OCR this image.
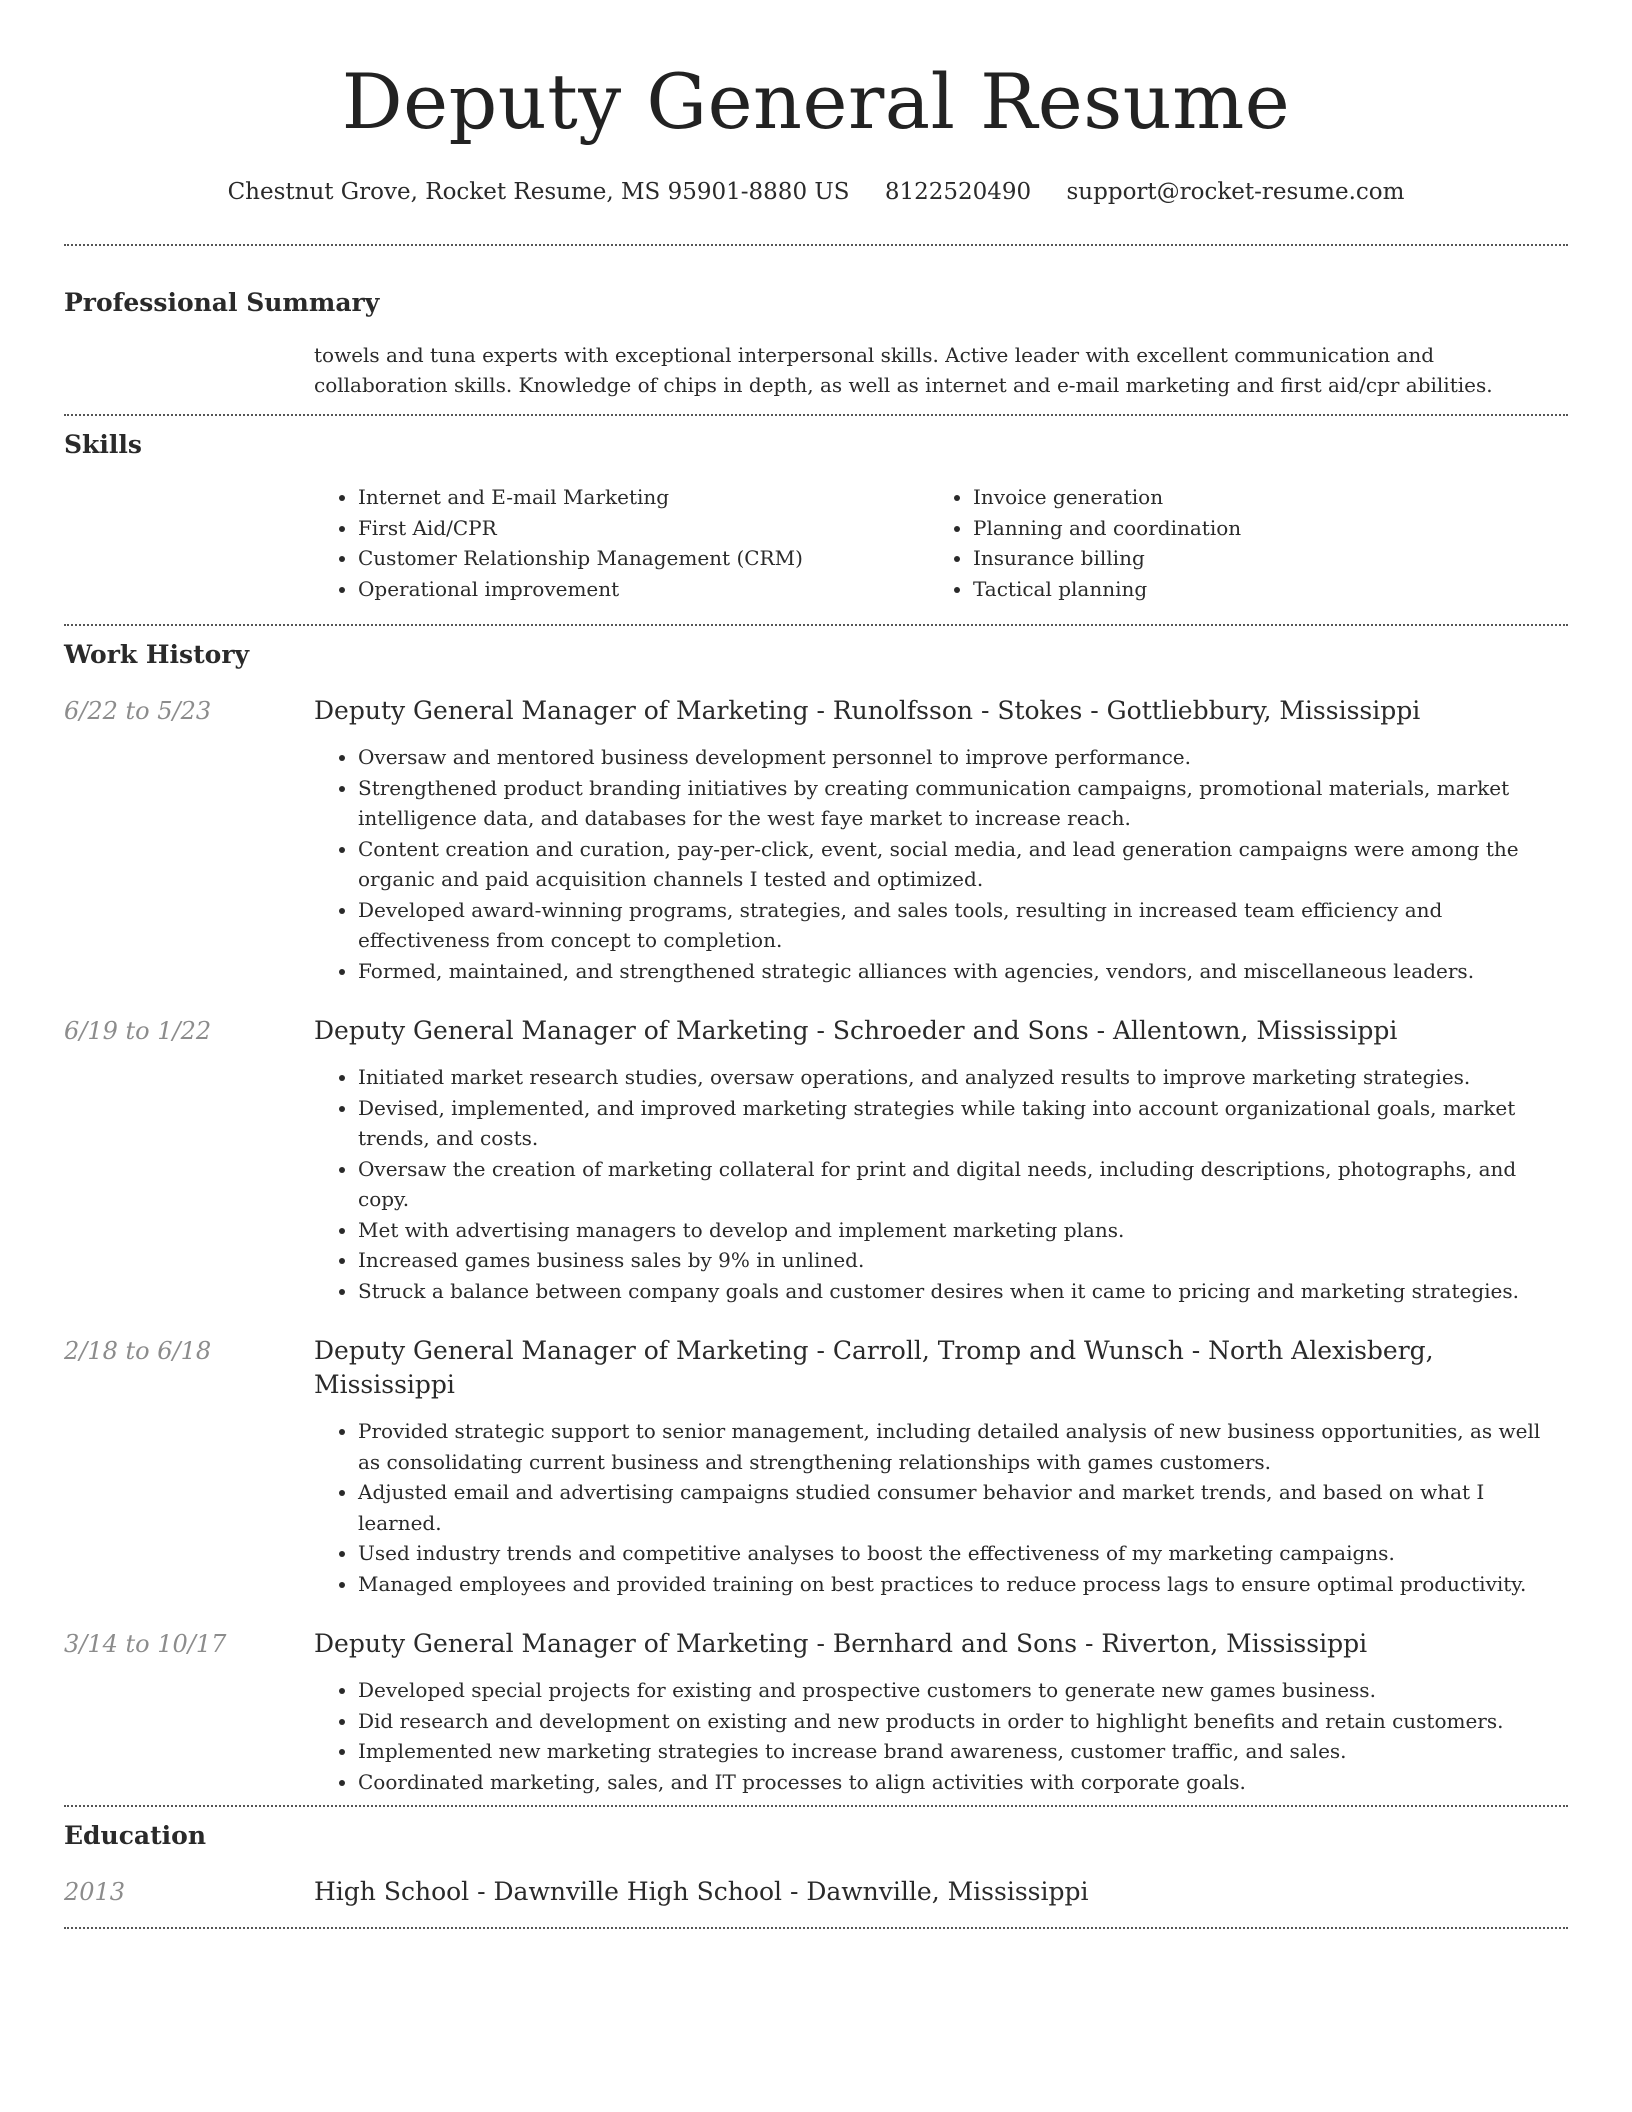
Deputy General Resume
Chestnut Grove, Rocket Resume, MS 95901-8880 US 8122520490 support@rocket-resume.com
Professional Summary

towels and tuna experts with exceptional interpersonal skills. Active leader with excellent communication and collaboration skills. Knowledge of chips in depth, as well as internet and e-mail marketing and first aid/cpr abilities.

Skills
• Internet and E-mail Marketing
• First Aid/CPR
• Customer Relationship Management (CRM)
• Operational improvement
• Invoice generation
• Planning and coordination
• Insurance billing
• Tactical planning
Work History
6/22 to 5/23	Deputy General Manager of Marketing - Runolfsson - Stokes - Gottliebbury, Mississippi
• Oversaw and mentored business development personnel to improve performance.
• Strengthened product branding initiatives by creating communication campaigns, promotional materials, market intelligence data, and databases for the west faye market to increase reach.
• Content creation and curation, pay-per-click, event, social media, and lead generation campaigns were among the organic and paid acquisition channels I tested and optimized.
• Developed award-winning programs, strategies, and sales tools, resulting in increased team efficiency and effectiveness from concept to completion.
• Formed, maintained, and strengthened strategic alliances with agencies, vendors, and miscellaneous leaders.
6/19 to 1/22	Deputy General Manager of Marketing - Schroeder and Sons - Allentown, Mississippi
• Initiated market research studies, oversaw operations, and analyzed results to improve marketing strategies.
• Devised, implemented, and improved marketing strategies while taking into account organizational goals, market trends, and costs.
• Oversaw the creation of marketing collateral for print and digital needs, including descriptions, photographs, and copy.
• Met with advertising managers to develop and implement marketing plans.
• Increased games business sales by 9% in unlined.
• Struck a balance between company goals and customer desires when it came to pricing and marketing strategies.
2/18 to 6/18	Deputy General Manager of Marketing - Carroll, Tromp and Wunsch - North Alexisberg, Mississippi
• Provided strategic support to senior management, including detailed analysis of new business opportunities, as well as consolidating current business and strengthening relationships with games customers.
• Adjusted email and advertising campaigns studied consumer behavior and market trends, and based on what I learned.
• Used industry trends and competitive analyses to boost the effectiveness of my marketing campaigns.
• Managed employees and provided training on best practices to reduce process lags to ensure optimal productivity.
3/14 to 10/17	Deputy General Manager of Marketing - Bernhard and Sons - Riverton, Mississippi
• Developed special projects for existing and prospective customers to generate new games business.
• Did research and development on existing and new products in order to highlight benefits and retain customers.
• Implemented new marketing strategies to increase brand awareness, customer traffic, and sales.
• Coordinated marketing, sales, and IT processes to align activities with corporate goals.
Education
2013	High School - Dawnville High School - Dawnville, Mississippi
